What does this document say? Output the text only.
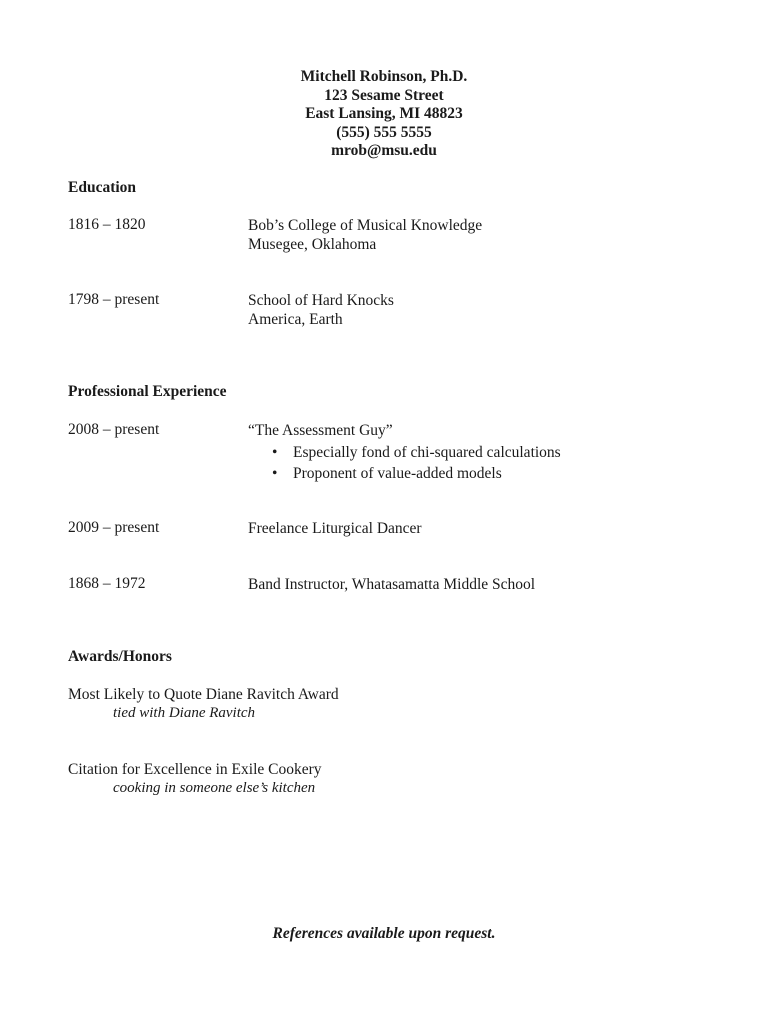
Mitchell Robinson, Ph.D.
123 Sesame Street
East Lansing, MI 48823
(555) 555 5555
mrob@msu.edu
Education
1816 – 1820	Bob’s College of Musical Knowledge
Musegee, Oklahoma
1798 – present	School of Hard Knocks
America, Earth
Professional Experience
2008 – present	“The Assessment Guy”
• Especially fond of chi-squared calculations
• Proponent of value-added models
2009 – present	Freelance Liturgical Dancer
1868 – 1972	Band Instructor, Whatasamatta Middle School
Awards/Honors
Most Likely to Quote Diane Ravitch Award
tied with Diane Ravitch
Citation for Excellence in Exile Cookery
cooking in someone else’s kitchen
References available upon request.
